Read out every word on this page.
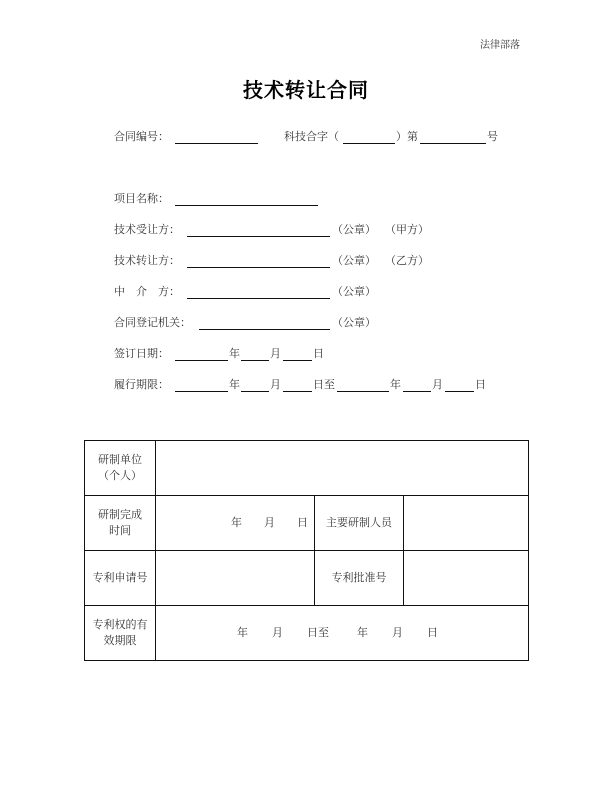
法律部落
技术转让合同
合同编号：	科技合字（	）第	号
项目名称：
技术受让方：	（公章） （甲方）
技术转让方：	（公章） （乙方）
中　介　方：	（公章）
合同登记机关：	（公章）
签订日期：	年	月	日
履行期限：	年	月	日至	年	月	日
研制单位
（个人）			

研制完成
时间	年 月 日	主要研制人员	
专利申请号		专利批准号	

专利权的有
效期限	年 月 日至 年 月 日		
